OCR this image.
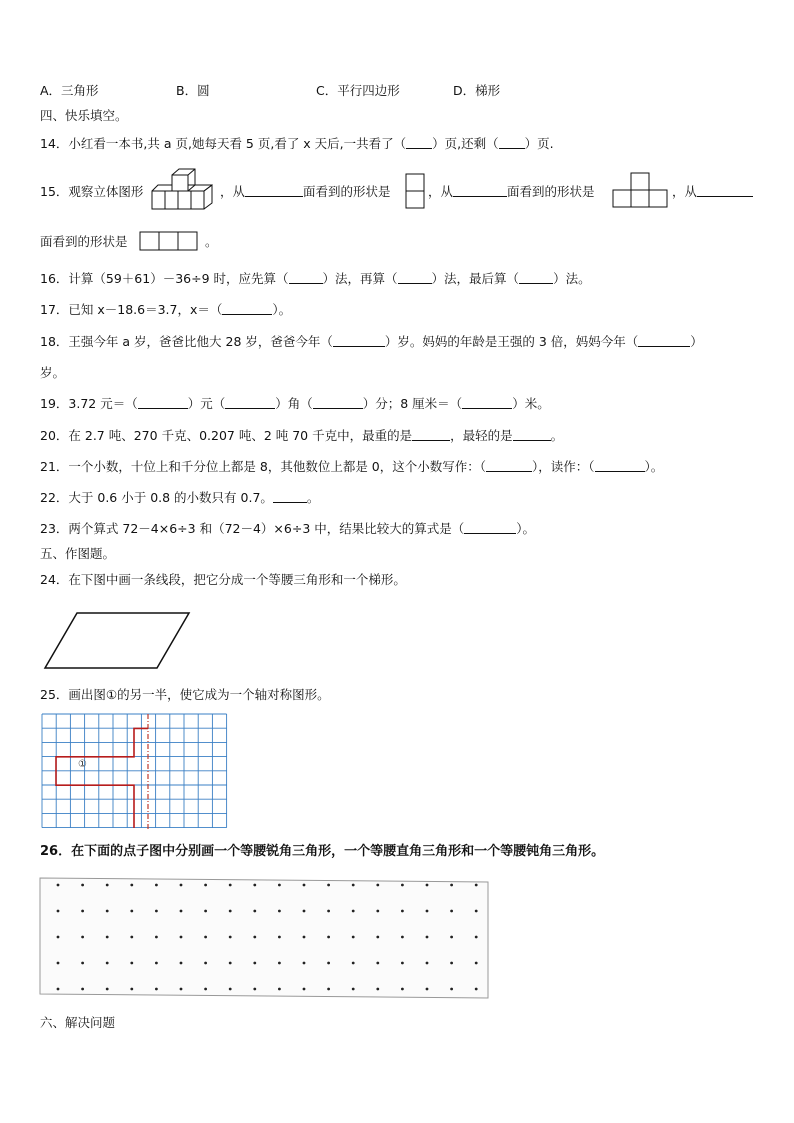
A．三角形	B．圆	C．平行四边形	D．梯形
四、快乐填空。
14．小红看一本书,共 a 页,她每天看 5 页,看了 x 天后,一共看了（ ）页,还剩（ ）页.
15．观察立体图形	，从	面看到的形状是	，从	面看到的形状是	，从
面看到的形状是	。
16．计算（59＋61）－36÷9 时，应先算（	）法，再算（	）法，最后算（	）法。
17．已知 x－18.6＝3.7，x＝（	）。
18．王强今年 a 岁，爸爸比他大 28 岁，爸爸今年（	）岁。妈妈的年龄是王强的 3 倍，妈妈今年（	）
岁。
19．3.72 元＝（	）元（	）角（	）分；8 厘米＝（	）米。
20．在 2.7 吨、270 千克、0.207 吨、2 吨 70 千克中，最重的是	，最轻的是	。
21．一个小数，十位上和千分位上都是 8，其他数位上都是 0，这个小数写作：（	），读作：（	）。
22．大于 0.6 小于 0.8 的小数只有 0.7。	。
23．两个算式 72－4×6÷3 和（72－4）×6÷3 中，结果比较大的算式是（	）。
五、作图题。
24．在下图中画一条线段，把它分成一个等腰三角形和一个梯形。
25．画出图①的另一半，使它成为一个轴对称图形。
①
26．在下面的点子图中分别画一个等腰锐角三角形，一个等腰直角三角形和一个等腰钝角三角形。
六、解决问题
